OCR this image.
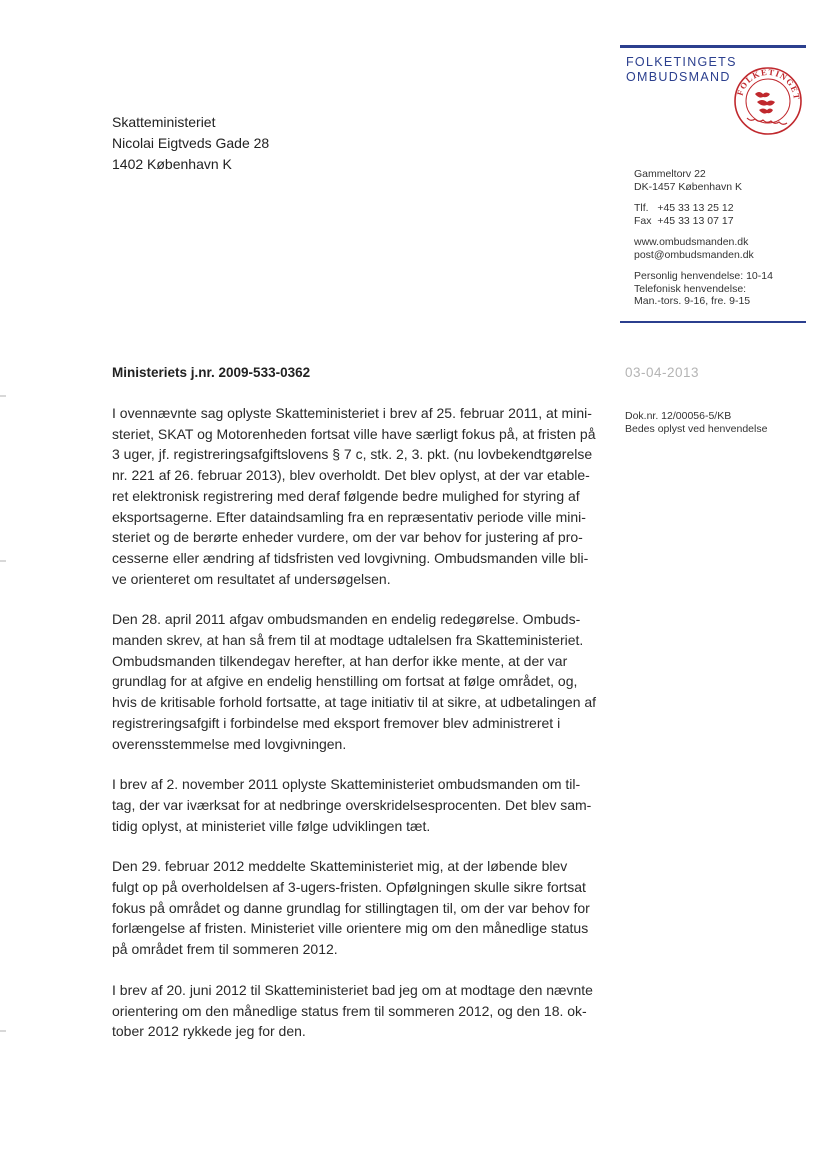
FOLKETINGETS
OMBUDSMAND
FOLKETINGET
Skatteministeriet
Nicolai Eigtveds Gade 28
1402 København K
Gammeltorv 22
DK-1457 København K
Tlf.   +45 33 13 25 12
Fax  +45 33 13 07 17
www.ombudsmanden.dk
post@ombudsmanden.dk
Personlig henvendelse: 10-14
Telefonisk henvendelse:
Man.-tors. 9-16, fre. 9-15
Ministeriets j.nr. 2009-533-0362	03-04-2013
Dok.nr. 12/00056-5/KB
Bedes oplyst ved henvendelse

I ovennævnte sag oplyste Skatteministeriet i brev af 25. februar 2011, at mini-
steriet, SKAT og Motorenheden fortsat ville have særligt fokus på, at fristen på
3 uger, jf. registreringsafgiftslovens § 7 c, stk. 2, 3. pkt. (nu lovbekendtgørelse
nr. 221 af 26. februar 2013), blev overholdt. Det blev oplyst, at der var etable-
ret elektronisk registrering med deraf følgende bedre mulighed for styring af
eksportsagerne. Efter dataindsamling fra en repræsentativ periode ville mini-
steriet og de berørte enheder vurdere, om der var behov for justering af pro-
cesserne eller ændring af tidsfristen ved lovgivning. Ombudsmanden ville bli-
ve orienteret om resultatet af undersøgelsen.

Den 28. april 2011 afgav ombudsmanden en endelig redegørelse. Ombuds-
manden skrev, at han så frem til at modtage udtalelsen fra Skatteministeriet.
Ombudsmanden tilkendegav herefter, at han derfor ikke mente, at der var
grundlag for at afgive en endelig henstilling om fortsat at følge området, og,
hvis de kritisable forhold fortsatte, at tage initiativ til at sikre, at udbetalingen af
registreringsafgift i forbindelse med eksport fremover blev administreret i
overensstemmelse med lovgivningen.

I brev af 2. november 2011 oplyste Skatteministeriet ombudsmanden om til-
tag, der var iværksat for at nedbringe overskridelsesprocenten. Det blev sam-
tidig oplyst, at ministeriet ville følge udviklingen tæt.

Den 29. februar 2012 meddelte Skatteministeriet mig, at der løbende blev
fulgt op på overholdelsen af 3-ugers-fristen. Opfølgningen skulle sikre fortsat
fokus på området og danne grundlag for stillingtagen til, om der var behov for
forlængelse af fristen. Ministeriet ville orientere mig om den månedlige status
på området frem til sommeren 2012.

I brev af 20. juni 2012 til Skatteministeriet bad jeg om at modtage den nævnte
orientering om den månedlige status frem til sommeren 2012, og den 18. ok-
tober 2012 rykkede jeg for den.
